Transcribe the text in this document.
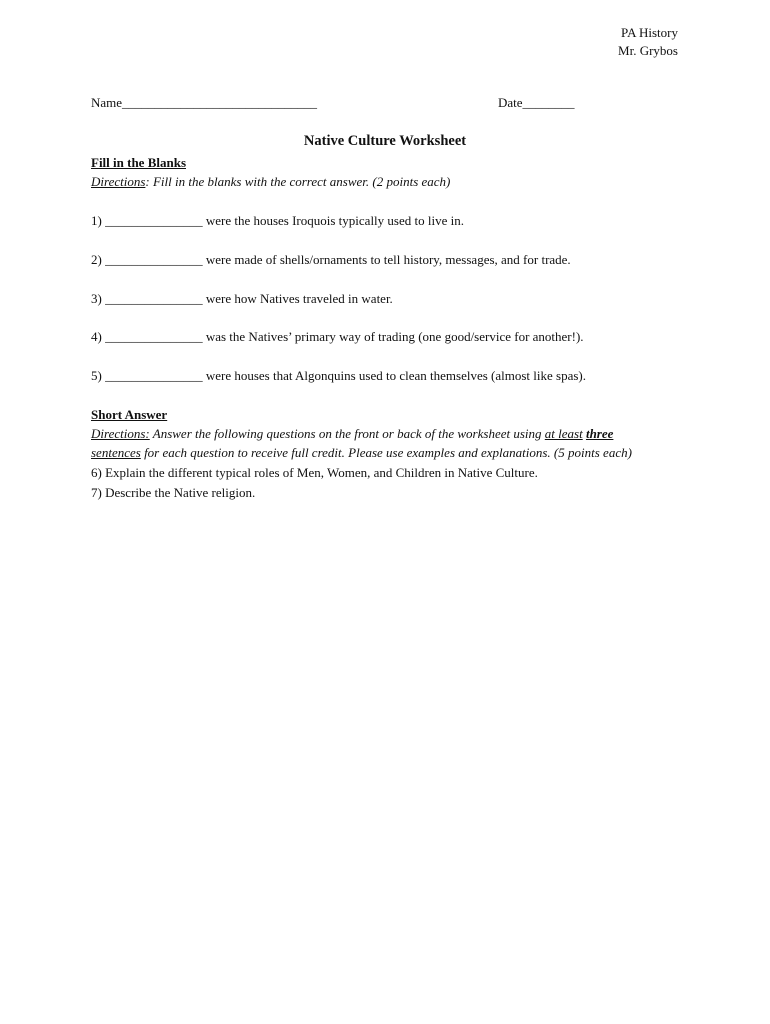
PA History
Mr. Grybos
Name______________________________	Date________
Native Culture Worksheet
Fill in the Blanks
Directions: Fill in the blanks with the correct answer. (2 points each)
1) _______________ were the houses Iroquois typically used to live in.
2) _______________ were made of shells/ornaments to tell history, messages, and for trade.
3) _______________ were how Natives traveled in water.
4) _______________ was the Natives’ primary way of trading (one good/service for another!).
5) _______________ were houses that Algonquins used to clean themselves (almost like spas).
Short Answer
Directions: Answer the following questions on the front or back of the worksheet using at least three
sentences for each question to receive full credit. Please use examples and explanations. (5 points each)
6) Explain the different typical roles of Men, Women, and Children in Native Culture.
7) Describe the Native religion.
